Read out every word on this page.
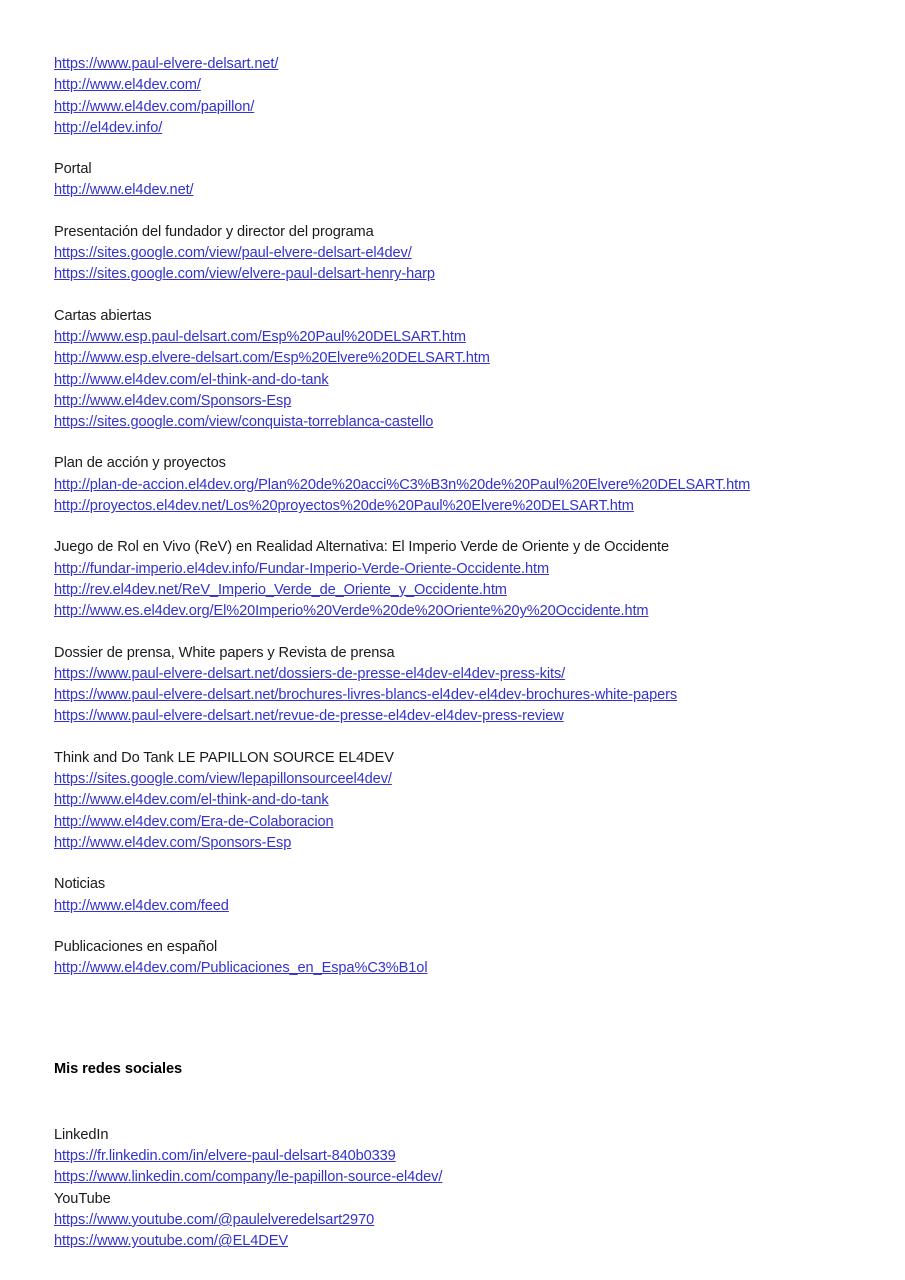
https://www.paul-elvere-delsart.net/
http://www.el4dev.com/
http://www.el4dev.com/papillon/
http://el4dev.info/
Portal
http://www.el4dev.net/
Presentación del fundador y director del programa
https://sites.google.com/view/paul-elvere-delsart-el4dev/
https://sites.google.com/view/elvere-paul-delsart-henry-harp
Cartas abiertas
http://www.esp.paul-delsart.com/Esp%20Paul%20DELSART.htm
http://www.esp.elvere-delsart.com/Esp%20Elvere%20DELSART.htm
http://www.el4dev.com/el-think-and-do-tank
http://www.el4dev.com/Sponsors-Esp
https://sites.google.com/view/conquista-torreblanca-castello
Plan de acción y proyectos
http://plan-de-accion.el4dev.org/Plan%20de%20acci%C3%B3n%20de%20Paul%20Elvere%20DELSART.htm
http://proyectos.el4dev.net/Los%20proyectos%20de%20Paul%20Elvere%20DELSART.htm
Juego de Rol en Vivo (ReV) en Realidad Alternativa: El Imperio Verde de Oriente y de Occidente
http://fundar-imperio.el4dev.info/Fundar-Imperio-Verde-Oriente-Occidente.htm
http://rev.el4dev.net/ReV_Imperio_Verde_de_Oriente_y_Occidente.htm
http://www.es.el4dev.org/El%20Imperio%20Verde%20de%20Oriente%20y%20Occidente.htm
Dossier de prensa, White papers y Revista de prensa
https://www.paul-elvere-delsart.net/dossiers-de-presse-el4dev-el4dev-press-kits/
https://www.paul-elvere-delsart.net/brochures-livres-blancs-el4dev-el4dev-brochures-white-papers
https://www.paul-elvere-delsart.net/revue-de-presse-el4dev-el4dev-press-review
Think and Do Tank LE PAPILLON SOURCE EL4DEV
https://sites.google.com/view/lepapillonsourceel4dev/
http://www.el4dev.com/el-think-and-do-tank
http://www.el4dev.com/Era-de-Colaboracion
http://www.el4dev.com/Sponsors-Esp
Noticias
http://www.el4dev.com/feed
Publicaciones en español
http://www.el4dev.com/Publicaciones_en_Espa%C3%B1ol
Mis redes sociales
LinkedIn
https://fr.linkedin.com/in/elvere-paul-delsart-840b0339
https://www.linkedin.com/company/le-papillon-source-el4dev/
YouTube
https://www.youtube.com/@paulelveredelsart2970
https://www.youtube.com/@EL4DEV
